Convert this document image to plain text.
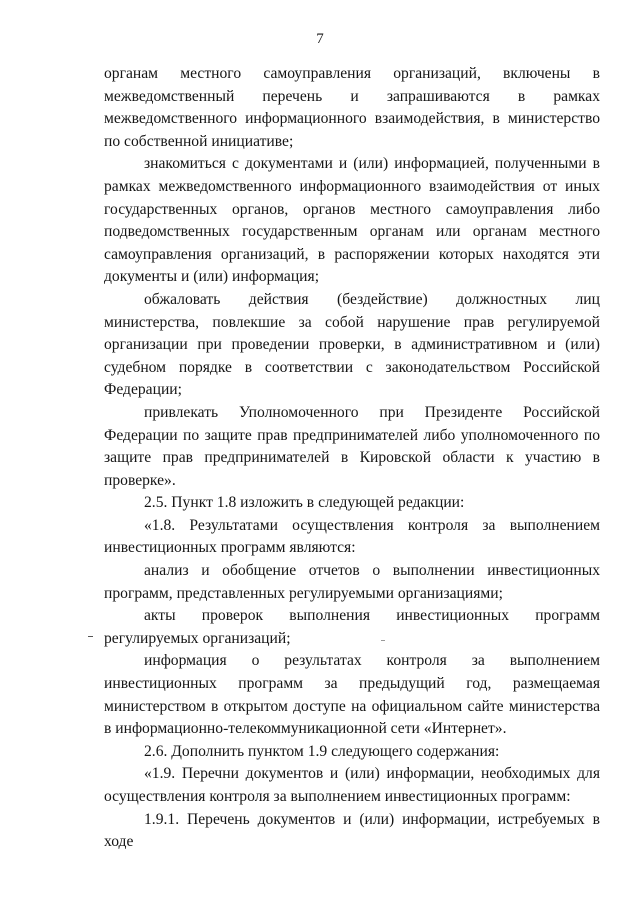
7

органам местного самоуправления организаций, включены в межведомственный перечень и запрашиваются в рамках межведомственного информационного взаимодействия, в министерство по собственной инициативе;

знакомиться с документами и (или) информацией, полученными в рамках межведомственного информационного взаимодействия от иных государственных органов, органов местного самоуправления либо подведомственных государственным органам или органам местного самоуправления организаций, в распоряжении которых находятся эти документы и (или) информация;

обжаловать действия (бездействие) должностных лиц министерства, повлекшие за собой нарушение прав регулируемой организации при проведении проверки, в административном и (или) судебном порядке в соответствии с законодательством Российской Федерации;

привлекать Уполномоченного при Президенте Российской Федерации по защите прав предпринимателей либо уполномоченного по защите прав предпринимателей в Кировской области к участию в проверке».

2.5. Пункт 1.8 изложить в следующей редакции:

«1.8. Результатами осуществления контроля за выполнением инвестиционных программ являются:

анализ и обобщение отчетов о выполнении инвестиционных программ, представленных регулируемыми организациями;

акты проверок выполнения инвестиционных программ регулируемых организаций;

информация о результатах контроля за выполнением инвестиционных программ за предыдущий год, размещаемая министерством в открытом доступе на официальном сайте министерства в информационно-телекоммуникационной сети «Интернет».

2.6. Дополнить пунктом 1.9 следующего содержания:

«1.9. Перечни документов и (или) информации, необходимых для осуществления контроля за выполнением инвестиционных программ:

1.9.1. Перечень документов и (или) информации, истребуемых в ходе
